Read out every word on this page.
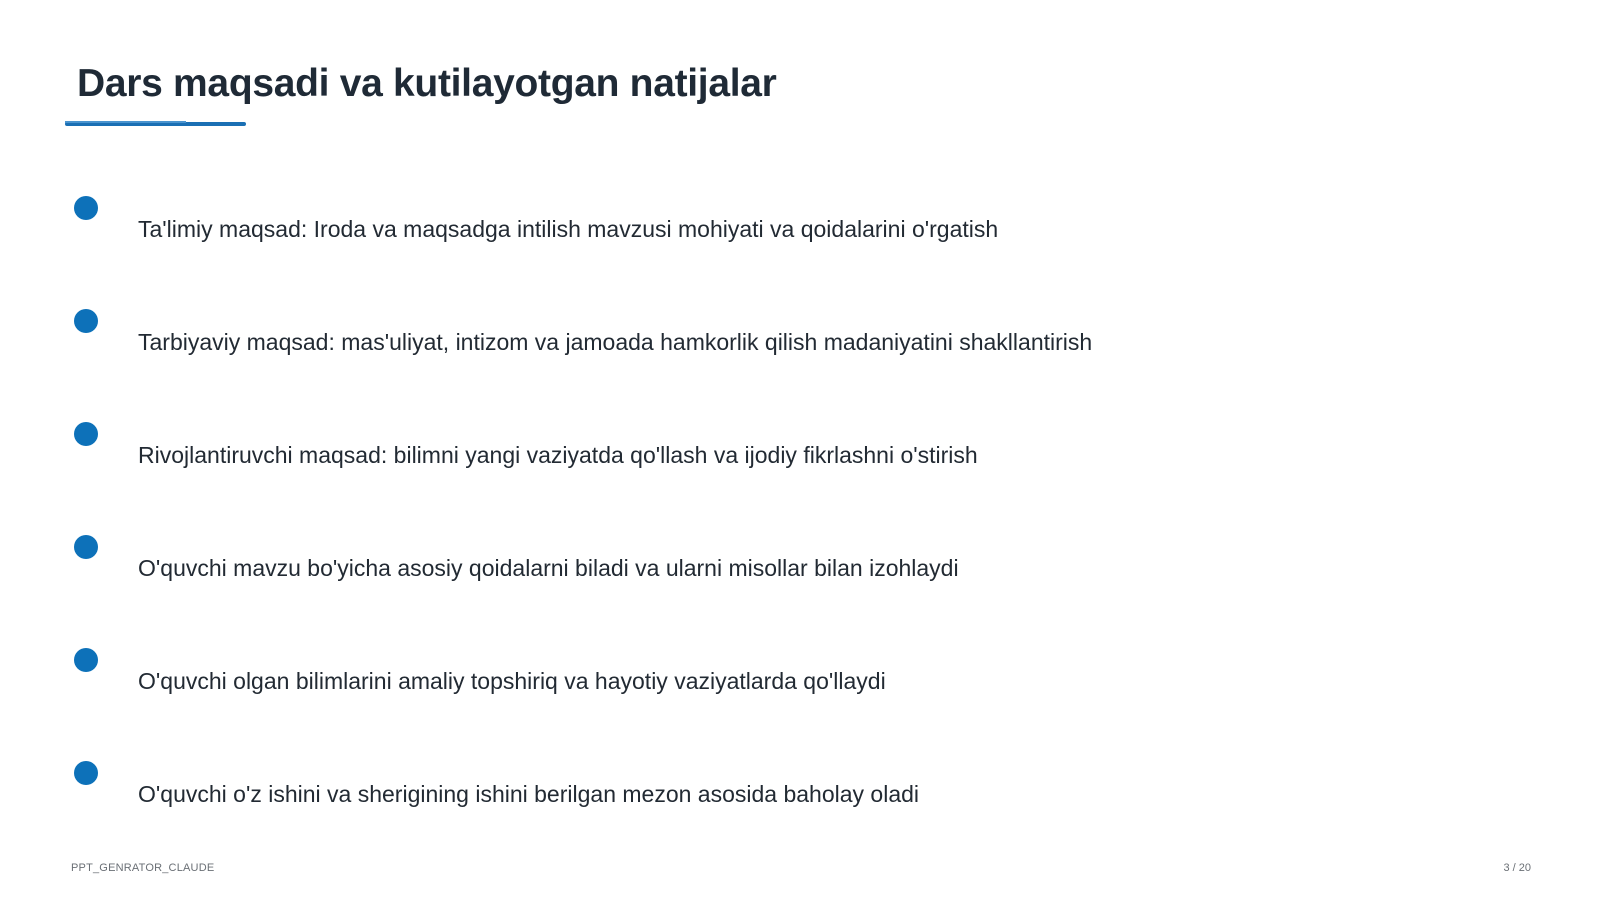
Dars maqsadi va kutilayotgan natijalar
Ta'limiy maqsad: Iroda va maqsadga intilish mavzusi mohiyati va qoidalarini o'rgatish
Tarbiyaviy maqsad: mas'uliyat, intizom va jamoada hamkorlik qilish madaniyatini shakllantirish
Rivojlantiruvchi maqsad: bilimni yangi vaziyatda qo'llash va ijodiy fikrlashni o'stirish
O'quvchi mavzu bo'yicha asosiy qoidalarni biladi va ularni misollar bilan izohlaydi
O'quvchi olgan bilimlarini amaliy topshiriq va hayotiy vaziyatlarda qo'llaydi
O'quvchi o'z ishini va sherigining ishini berilgan mezon asosida baholay oladi
PPT_GENRATOR_CLAUDE	3 / 20
